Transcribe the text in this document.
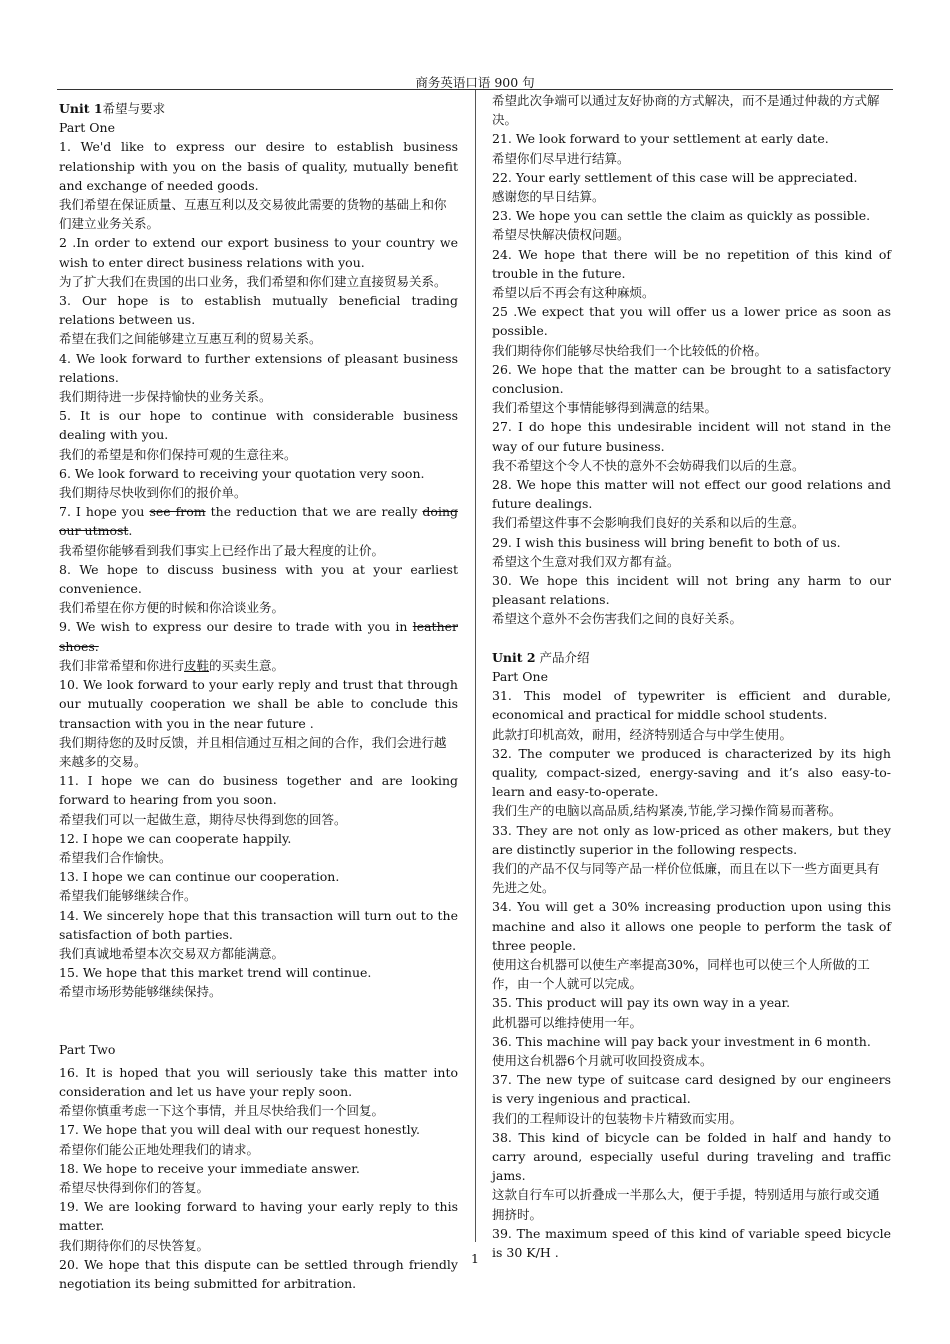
商务英语口语 900 句

Unit 1希望与要求

Part One

1. We'd like to express our desire to establish business relationship with you on the basis of quality, mutually benefit and exchange of needed goods.

我们希望在保证质量、互惠互利以及交易彼此需要的货物的基础上和你们建立业务关系。

2 .In order to extend our export business to your country we wish to enter direct business relations with you.

为了扩大我们在贵国的出口业务，我们希望和你们建立直接贸易关系。

3. Our hope is to establish mutually beneficial trading relations between us.

希望在我们之间能够建立互惠互利的贸易关系。

4. We look forward to further extensions of pleasant business relations.

我们期待进一步保持愉快的业务关系。

5. It is our hope to continue with considerable business dealing with you.

我们的希望是和你们保持可观的生意往来。

6. We look forward to receiving your quotation very soon.

我们期待尽快收到你们的报价单。

7. I hope you see from the reduction that we are really doing our utmost.

我希望你能够看到我们事实上已经作出了最大程度的让价。

8. We hope to discuss business with you at your earliest convenience.

我们希望在你方便的时候和你洽谈业务。

9. We wish to express our desire to trade with you in leather shoes.

我们非常希望和你进行皮鞋的买卖生意。

10. We look forward to your early reply and trust that through our mutually cooperation we shall be able to conclude this transaction with you in the near future .

我们期待您的及时反馈，并且相信通过互相之间的合作，我们会进行越来越多的交易。

11. I hope we can do business together and are looking forward to hearing from you soon.

希望我们可以一起做生意，期待尽快得到您的回答。

12. I hope we can cooperate happily.

希望我们合作愉快。

13. I hope we can continue our cooperation.

希望我们能够继续合作。

14. We sincerely hope that this transaction will turn out to the satisfaction of both parties.

我们真诚地希望本次交易双方都能满意。

15. We hope that this market trend will continue.

希望市场形势能够继续保持。

Part Two

16. It is hoped that you will seriously take this matter into consideration and let us have your reply soon.

希望你慎重考虑一下这个事情，并且尽快给我们一个回复。

17. We hope that you will deal with our request honestly.

希望你们能公正地处理我们的请求。

18. We hope to receive your immediate answer.

希望尽快得到你们的答复。

19. We are looking forward to having your early reply to this matter.

我们期待你们的尽快答复。

20. We hope that this dispute can be settled through friendly negotiation its being submitted for arbitration.

希望此次争端可以通过友好协商的方式解决，而不是通过仲裁的方式解决。

21. We look forward to your settlement at early date.

希望你们尽早进行结算。

22. Your early settlement of this case will be appreciated.

感谢您的早日结算。

23. We hope you can settle the claim as quickly as possible.

希望尽快解决债权问题。

24. We hope that there will be no repetition of this kind of trouble in the future.

希望以后不再会有这种麻烦。

25 .We expect that you will offer us a lower price as soon as possible.

我们期待你们能够尽快给我们一个比较低的价格。

26. We hope that the matter can be brought to a satisfactory conclusion.

我们希望这个事情能够得到满意的结果。

27. I do hope this undesirable incident will not stand in the way of our future business.

我不希望这个令人不快的意外不会妨碍我们以后的生意。

28. We hope this matter will not effect our good relations and future dealings.

我们希望这件事不会影响我们良好的关系和以后的生意。

29. I wish this business will bring benefit to both of us.

希望这个生意对我们双方都有益。

30. We hope this incident will not bring any harm to our pleasant relations.

希望这个意外不会伤害我们之间的良好关系。

Unit 2 产品介绍

Part One

31. This model of typewriter is efficient and durable, economical and practical for middle school students.

此款打印机高效，耐用，经济特别适合与中学生使用。

32. The computer we produced is characterized by its high quality, compact-sized, energy-saving and it’s also easy-to-learn and easy-to-operate.

我们生产的电脑以高品质,结构紧凑,节能,学习操作简易而著称。

33. They are not only as low-priced as other makers, but they are distinctly superior in the following respects.

我们的产品不仅与同等产品一样价位低廉，而且在以下一些方面更具有先进之处。

34. You will get a 30% increasing production upon using this machine and also it allows one people to perform the task of three people.

使用这台机器可以使生产率提高30%，同样也可以使三个人所做的工作，由一个人就可以完成。

35. This product will pay its own way in a year.

此机器可以维持使用一年。

36. This machine will pay back your investment in 6 month.

使用这台机器6个月就可收回投资成本。

37. The new type of suitcase card designed by our engineers is very ingenious and practical.

我们的工程师设计的包装物卡片精致而实用。

38. This kind of bicycle can be folded in half and handy to carry around, especially useful during traveling and traffic jams.

这款自行车可以折叠成一半那么大，便于手提，特别适用与旅行或交通拥挤时。

39. The maximum speed of this kind of variable speed bicycle is 30 K/H .

1
